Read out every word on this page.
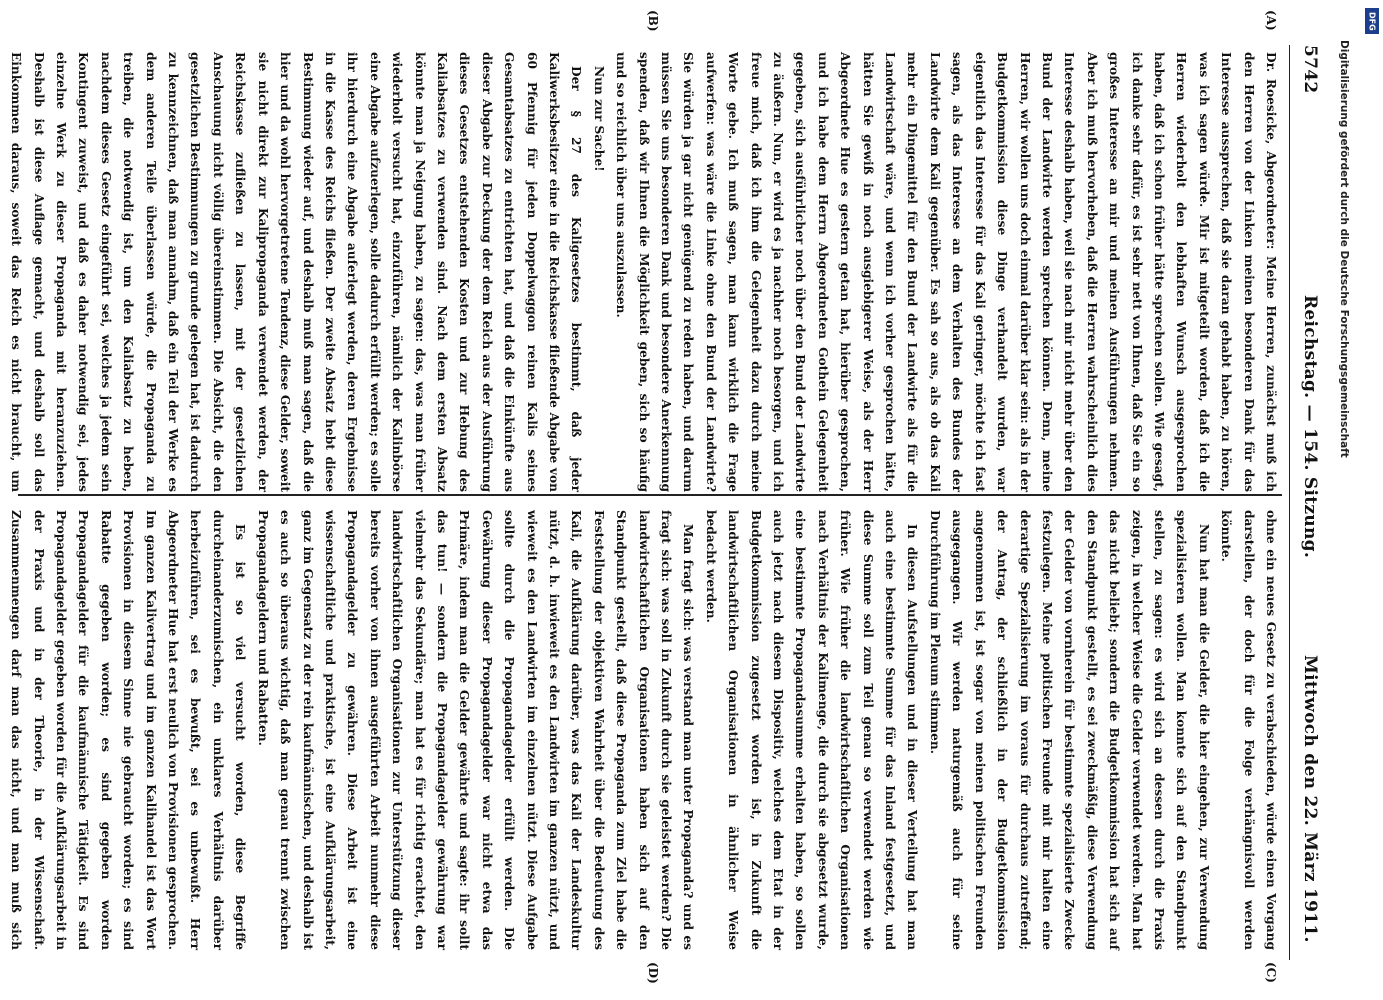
5742
Reichstag. — 154. Sitzung.
Mittwoch den 22. März 1911.
(A)
(B)
(C)
(D)

Dr. Roesicke, Abgeordneter: Meine Herren, zunächst muß ich den Herren von der Linken meinen besonderen Dank für das Interesse aussprechen, daß sie daran gehabt haben, zu hören, was ich sagen würde. Mir ist mitgeteilt worden, daß ich die Herren wiederholt den lebhaften Wunsch ausgesprochen haben, daß ich schon früher hätte sprechen sollen. Wie gesagt, ich danke sehr dafür, es ist sehr nett von Ihnen, daß Sie ein so großes Interesse an mir und meinen Ausführungen nehmen. Aber ich muß hervorheben, daß die Herren wahrscheinlich dies Interesse deshalb haben, weil sie nach mir nicht mehr über den Bund der Landwirte werden sprechen können. Denn, meine Herren, wir wollen uns doch einmal darüber klar sein: als in der Budgetkommission diese Dinge verhandelt wurden, war eigentlich das Interesse für das Kali geringer, möchte ich fast sagen, als das Interesse an dem Verhalten des Bundes der Landwirte dem Kali gegenüber. Es sah so aus, als ob das Kali mehr ein Dingemittel für den Bund der Landwirte als für die Landwirtschaft wäre, und wenn ich vorher gesprochen hätte, hätten Sie gewiß in noch ausgiebigerer Weise, als der Herr Abgeordnete Hue es gestern getan hat, hierüber gesprochen, und ich habe dem Herrn Abgeordneten Gothein Gelegenheit gegeben, sich ausführlicher noch über den Bund der Landwirte zu äußern. Nun, er wird es ja nachher noch besorgen, und ich freue mich, daß ich ihm die Gelegenheit dazu durch meine Worte gebe. Ich muß sagen, man kann wirklich die Frage aufwerfen: was wäre die Linke ohne den Bund der Landwirte? Sie würden ja gar nicht genügend zu reden haben, und darum müssen Sie uns besonderen Dank und besondere Anerkennung spenden, daß wir Ihnen die Möglichkeit geben, sich so häufig und so reichlich über uns auszulassen.

Nun zur Sache!

Der § 27 des Kaligesetzes bestimmt, daß jeder Kaliwerksbesitzer eine in die Reichskasse fließende Abgabe von 60 Pfennig für jeden Doppelwaggon reinen Kalis seines Gesamtabsatzes zu entrichten hat, und daß die Einkünfte aus dieser Abgabe zur Deckung der dem Reich aus der Ausführung dieses Gesetzes entstehenden Kosten und zur Hebung des Kaliabsatzes zu verwenden sind. Nach dem ersten Absatz könnte man ja Neigung haben, zu sagen: das, was man früher wiederholt versucht hat, einzuführen, nämlich der Kalinbörse eine Abgabe aufzuerlegen, solle dadurch erfüllt werden; es solle ihr hierdurch eine Abgabe auferlegt werden, deren Ergebnisse in die Kasse des Reichs fließen. Der zweite Absatz hebt diese Bestimmung wieder auf, und deshalb muß man sagen, daß die hier und da wohl hervorgetretene Tendenz, diese Gelder, soweit sie nicht direkt zur Kalipropaganda verwendet werden, der Reichskasse zufließen zu lassen, mit der gesetzlichen Anschauung nicht völlig übereinstimmen. Die Absicht, die den gesetzlichen Bestimmungen zu grunde gelegen hat, ist dadurch zu kennzeichnen, daß man annahm, daß ein Teil der Werke es dem anderen Teile überlassen würde, die Propaganda zu treiben, die notwendig ist, um den Kaliabsatz zu heben, nachdem dieses Gesetz eingeführt sei, welches ja jedem sein Kontingent zuweist, und daß es daher notwendig sei, jedes einzelne Werk zu dieser Propaganda mit heranzuziehen. Deshalb ist diese Auflage gemacht, und deshalb soll das Einkommen daraus, soweit das Reich es nicht braucht, um

ohne ein neues Gesetz zu verabschieden, würde einen Vorgang darstellen, der doch für die Folge verhängnisvoll werden könnte.

Nun hat man die Gelder, die hier eingehen, zur Verwendung spezialisieren wollen. Man konnte sich auf den Standpunkt stellen, zu sagen: es wird sich an dessen durch die Praxis zeigen, in welcher Weise die Gelder verwendet werden. Man hat das nicht beliebt; sondern die Budgetkommission hat sich auf den Standpunkt gestellt, es sei zweckmäßig, diese Verwendung der Gelder von vornherein für bestimmte spezialisierte Zwecke festzulegen. Meine politischen Freunde mit mir halten eine derartige Spezialisierung im voraus für durchaus zutreffend; der Antrag, der schließlich in der Budgetkommission angenommen ist, ist sogar von meinen politischen Freunden ausgegangen. Wir werden naturgemäß auch für seine Durchführung im Plenum stimmen.

In diesen Aufstellungen und in dieser Verteilung hat man auch eine bestimmte Summe für das Inland festgesetzt, und diese Summe soll zum Teil genau so verwendet werden wie früher. Wie früher die landwirtschaftlichen Organisationen nach Verhältnis der Kalimenge, die durch sie abgesetzt wurde, eine bestimmte Propagandasumme erhalten haben, so sollen auch jetzt nach diesem Dispositiv, welches dem Etat in der Budgetkommission zugesetzt worden ist, in Zukunft die landwirtschaftlichen Organisationen in ähnlicher Weise bedacht werden.

Man fragt sich: was verstand man unter Propaganda? und es fragt sich: was soll in Zukunft durch sie geleistet werden? Die landwirtschaftlichen Organisationen haben sich auf den Standpunkt gestellt, daß diese Propaganda zum Ziel habe die Feststellung der objektiven Wahrheit über die Bedeutung des Kali, die Aufklärung darüber, was das Kali der Landeskultur nützt, d. h. inwieweit es den Landwirten im ganzen nützt, und wieweit es den Landwirten im einzelnen nützt. Diese Aufgabe sollte durch die Propagandagelder erfüllt werden. Die Gewährung dieser Propagandagelder war nicht etwa das Primäre, indem man die Gelder gewährte und sagte: ihr sollt das tun! — sondern die Propagandagelder gewährung war vielmehr das Sekundäre; man hat es für richtig erachtet, den landwirtschaftlichen Organisationen zur Unterstützung dieser bereits vorher von ihnen ausgeführten Arbeit nunmehr diese Propagandagelder zu gewähren. Diese Arbeit ist eine wissenschaftliche und praktische, ist eine Aufklärungsarbeit, ganz im Gegensatz zu der rein kaufmännischen, und deshalb ist es auch so überaus wichtig, daß man genau trennt zwischen Propagandageldern und Rabatten.

Es ist so viel versucht worden, diese Begriffe durcheinanderzumischen, ein unklares Verhältnis darüber herbeizuführen, sei es bewußt, sei es unbewußt. Herr Abgeordneter Hue hat erst neulich von Provisionen gesprochen. Im ganzen Kalivertrag und im ganzen Kalihandel ist das Wort Provisionen in diesem Sinne nie gebraucht worden; es sind Rabatte gegeben worden; es sind gegeben worden Propagandagelder für die kaufmännische Tätigkeit. Es sind Propagandagelder gegeben worden für die Aufklärungsarbeit in der Praxis und in der Theorie, in der Wissenschaft. Zusammenmengen darf man das nicht, und man muß sich

DFG
Digitalisierung gefördert durch die Deutsche Forschungsgemeinschaft
